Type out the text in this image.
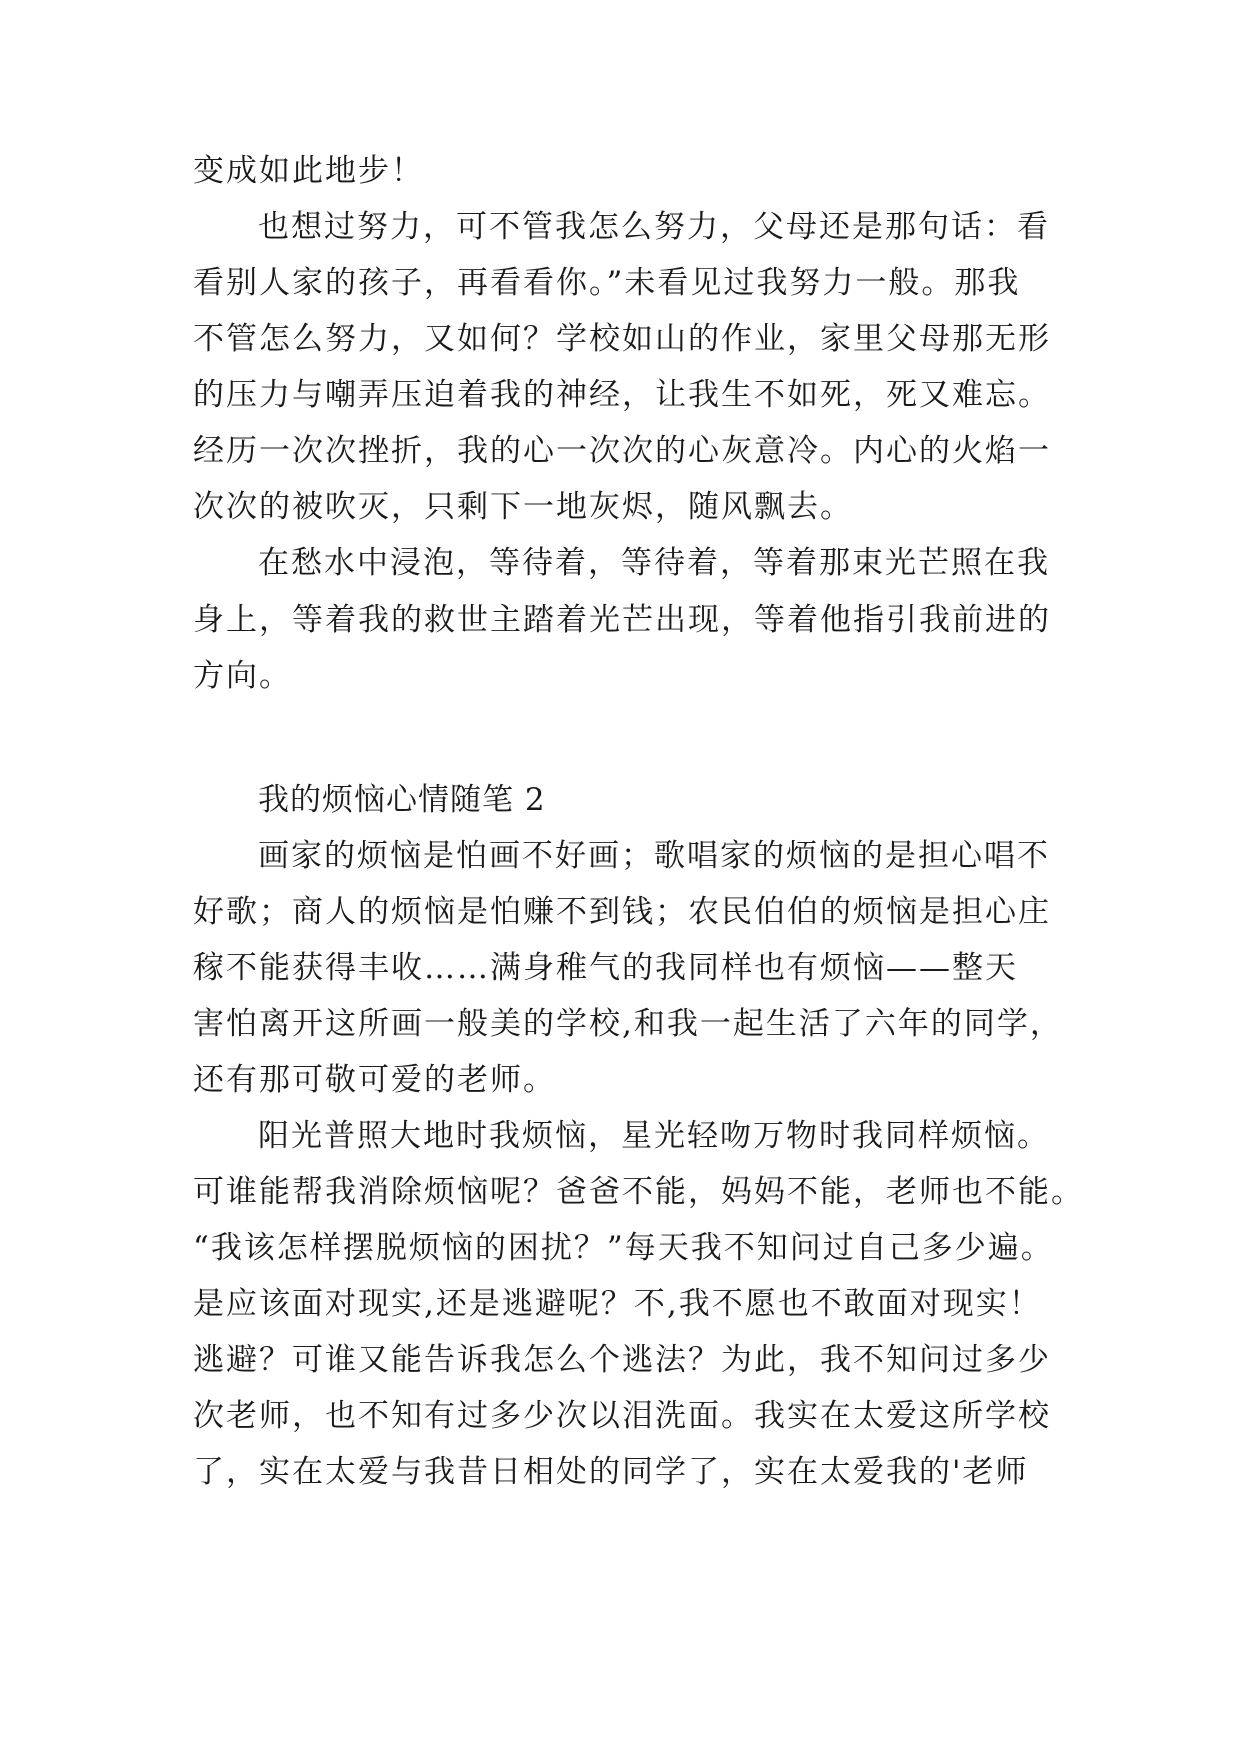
变成如此地步！
也想过努力，可不管我怎么努力，父母还是那句话：看
看别人家的孩子，再看看你。”未看见过我努力一般。那我
不管怎么努力，又如何？学校如山的作业，家里父母那无形
的压力与嘲弄压迫着我的神经，让我生不如死，死又难忘。
经历一次次挫折，我的心一次次的心灰意冷。内心的火焰一
次次的被吹灭，只剩下一地灰烬，随风飘去。
在愁水中浸泡，等待着，等待着，等着那束光芒照在我
身上，等着我的救世主踏着光芒出现，等着他指引我前进的
方向。
我的烦恼心情随笔 2
画家的烦恼是怕画不好画；歌唱家的烦恼的是担心唱不
好歌；商人的烦恼是怕赚不到钱；农民伯伯的烦恼是担心庄
稼不能获得丰收……满身稚气的我同样也有烦恼——整天
害怕离开这所画一般美的学校,和我一起生活了六年的同学，
还有那可敬可爱的老师。
阳光普照大地时我烦恼，星光轻吻万物时我同样烦恼。
可谁能帮我消除烦恼呢？爸爸不能，妈妈不能，老师也不能。
“我该怎样摆脱烦恼的困扰？”每天我不知问过自己多少遍。
是应该面对现实,还是逃避呢？不,我不愿也不敢面对现实！
逃避？可谁又能告诉我怎么个逃法？为此，我不知问过多少
次老师，也不知有过多少次以泪洗面。我实在太爱这所学校
了，实在太爱与我昔日相处的同学了，实在太爱我的'老师
